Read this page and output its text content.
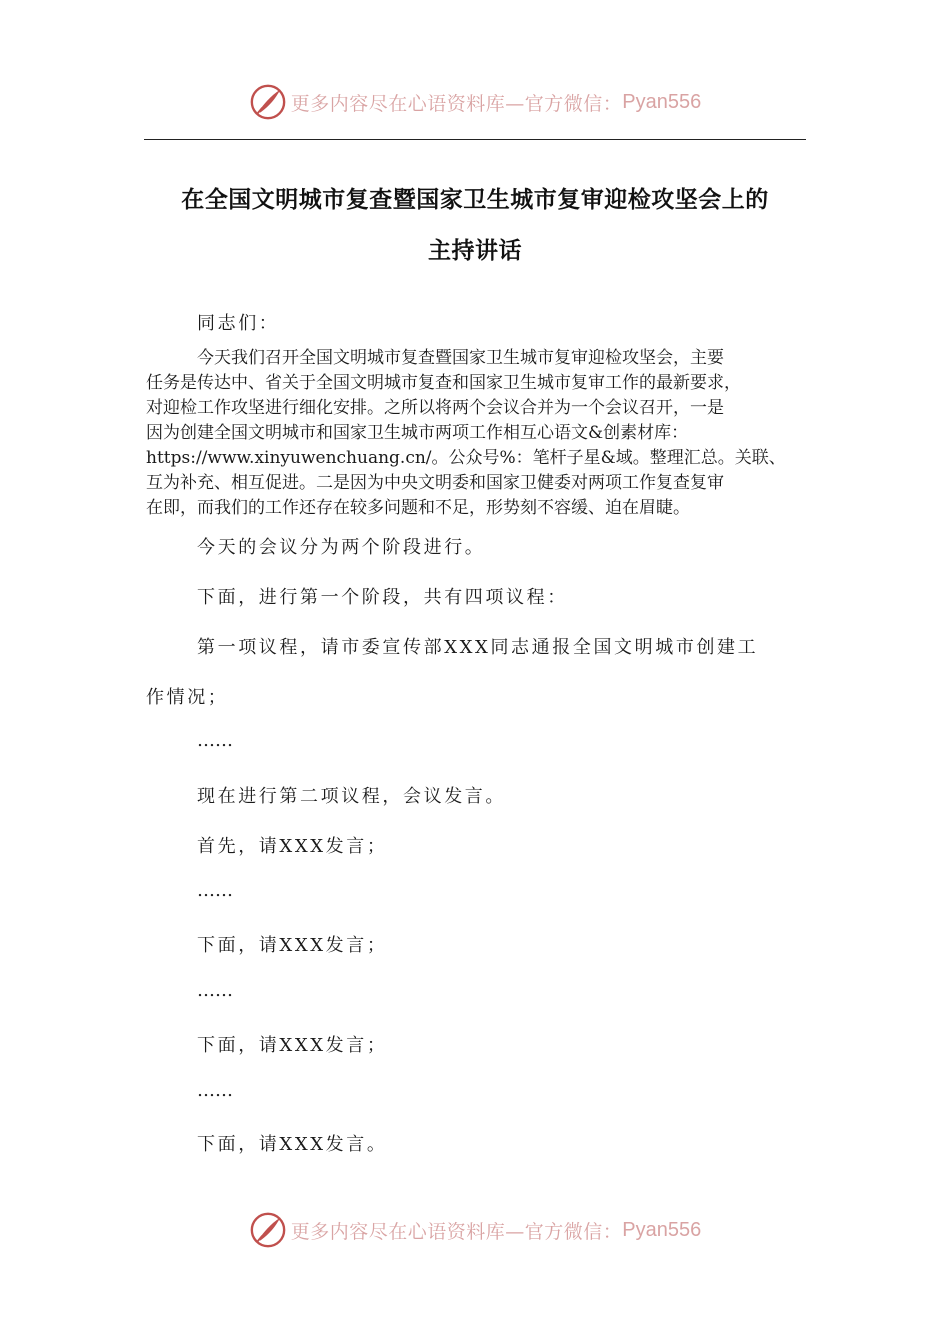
更多内容尽在心语资料库—官方微信： Pyan556
在全国文明城市复查暨国家卫生城市复审迎检攻坚会上的
主持讲话
同志们：
今天我们召开全国文明城市复查暨国家卫生城市复审迎检攻坚会，主要
任务是传达中、省关于全国文明城市复查和国家卫生城市复审工作的最新要求，
对迎检工作攻坚进行细化安排。之所以将两个会议合并为一个会议召开，一是
因为创建全国文明城市和国家卫生城市两项工作相互心语文&创素材库：
https://www.xinyuwenchuang.cn/。公众号%：笔杆子星&域。整理汇总。关联、
互为补充、相互促进。二是因为中央文明委和国家卫健委对两项工作复查复审
在即，而我们的工作还存在较多问题和不足，形势刻不容缓、迫在眉睫。
今天的会议分为两个阶段进行。
下面，进行第一个阶段，共有四项议程：
第一项议程，请市委宣传部XXX同志通报全国文明城市创建工
作情况；
……
现在进行第二项议程，会议发言。
首先，请XXX发言；
……
下面，请XXX发言；
……
下面，请XXX发言；
……
下面，请XXX发言。
更多内容尽在心语资料库—官方微信： Pyan556
